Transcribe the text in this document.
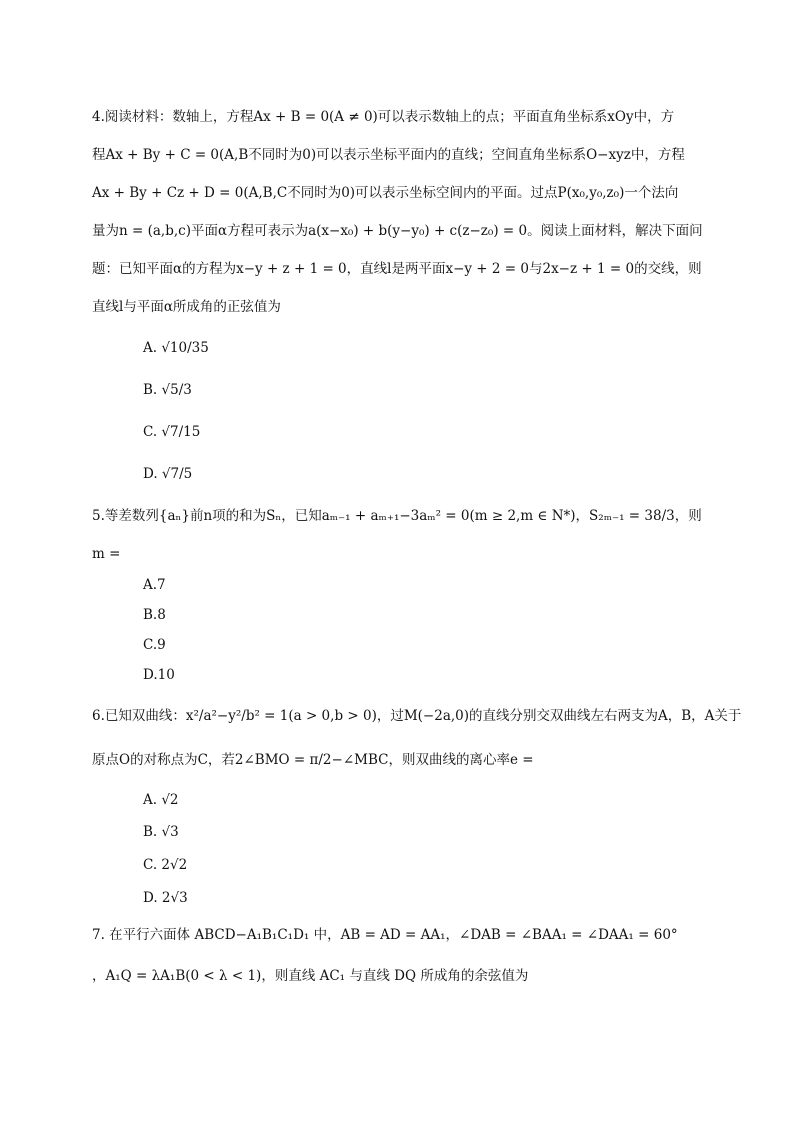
4.阅读材料：数轴上，方程Ax + B = 0(A ≠ 0)可以表示数轴上的点；平面直角坐标系xOy中，方
程Ax + By + C = 0(A,B不同时为0)可以表示坐标平面内的直线；空间直角坐标系O−xyz中，方程
Ax + By + Cz + D = 0(A,B,C不同时为0)可以表示坐标空间内的平面。过点P(x₀,y₀,z₀)一个法向
量为n = (a,b,c)平面α方程可表示为a(x−x₀) + b(y−y₀) + c(z−z₀) = 0。阅读上面材料，解决下面问
题：已知平面α的方程为x−y + z + 1 = 0，直线l是两平面x−y + 2 = 0与2x−z + 1 = 0的交线，则
直线l与平面α所成角的正弦值为
A. √10/35
B. √5/3
C. √7/15
D. √7/5
5.等差数列{aₙ}前n项的和为Sₙ，已知aₘ₋₁ + aₘ₊₁−3aₘ² = 0(m ≥ 2,m ∈ N*)，S₂ₘ₋₁ = 38/3，则
m =
A.7
B.8
C.9
D.10
6.已知双曲线：x²/a²−y²/b² = 1(a > 0,b > 0)，过M(−2a,0)的直线分别交双曲线左右两支为A，B，A关于
原点O的对称点为C，若2∠BMO = π/2−∠MBC，则双曲线的离心率e =
A. √2
B. √3
C. 2√2
D. 2√3
7. 在平行六面体 ABCD−A₁B₁C₁D₁ 中，AB = AD = AA₁，∠DAB = ∠BAA₁ = ∠DAA₁ = 60°
，A₁Q = λA₁B(0 < λ < 1)，则直线 AC₁ 与直线 DQ 所成角的余弦值为
